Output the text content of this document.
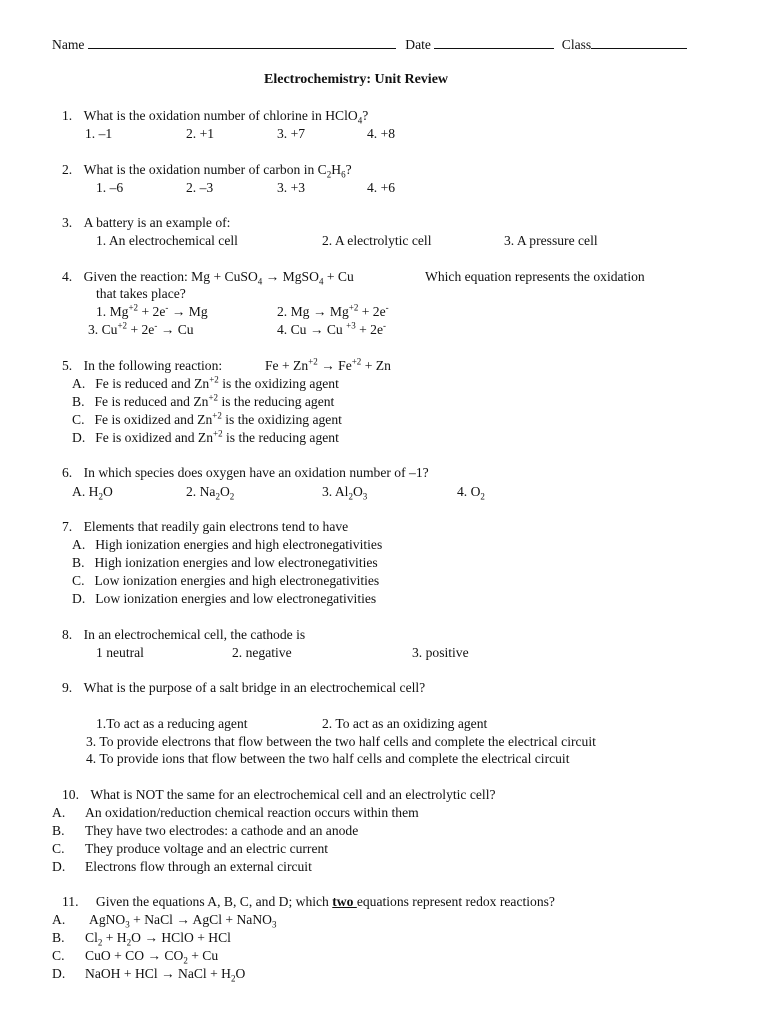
Name	Date	Class
Electrochemistry: Unit Review
1. What is the oxidation number of chlorine in HClO$_4$?
1. –1	2. +1	3. +7	4. +8
2. What is the oxidation number of carbon in $C_2H_6$?
1. –6	2. –3	3. +3	4. +6
3. A battery is an example of:
1. An electrochemical cell	2. A electrolytic cell	3. A pressure cell
4. Given the reaction: Mg + CuSO$_4$ → MgSO$_4$ + Cu	Which equation represents the oxidation
that takes place?
1. $Mg^{+2} + 2e^- \to Mg$	2. $Mg \to Mg^{+2} + 2e^-$
3. $Cu^{+2} + 2e^- \to Cu$	4. Cu → Cu $^{+3}$ + 2e-
5. In the following reaction:	$Fe + Zn^{+2} \to Fe^{+2} + Zn$
A. Fe is reduced and $Zn^{+2}$ is the oxidizing agent
B. Fe is reduced and $Zn^{+2}$ is the reducing agent
C. Fe is oxidized and $Zn^{+2}$ is the oxidizing agent
D. Fe is oxidized and $Zn^{+2}$ is the reducing agent
6. In which species does oxygen have an oxidation number of –1?
A. $H_2O$	2. $Na_2O_2$	3. $Al_2O_3$	4. $O_2$
7. Elements that readily gain electrons tend to have
A. High ionization energies and high electronegativities
B. High ionization energies and low electronegativities
C. Low ionization energies and high electronegativities
D. Low ionization energies and low electronegativities
8. In an electrochemical cell, the cathode is
1 neutral	2. negative	3. positive
9. What is the purpose of a salt bridge in an electrochemical cell?
1.To act as a reducing agent	2. To act as an oxidizing agent
3. To provide electrons that flow between the two half cells and complete the electrical circuit
4. To provide ions that flow between the two half cells and complete the electrical circuit
10. What is NOT the same for an electrochemical cell and an electrolytic cell?
A. An oxidation/reduction chemical reaction occurs within them
B. They have two electrodes: a cathode and an anode
C. They produce voltage and an electric current
D. Electrons flow through an external circuit
11. Given the equations A, B, C, and D; which two equations represent redox reactions?
A. AgNO$_3$ + NaCl → AgCl + NaNO$_3$
B. $Cl_2 + H_2O$ → HClO + HCl
C. CuO + CO → $CO_2 + Cu$
D. NaOH + HCl → NaCl + $H_2O$
